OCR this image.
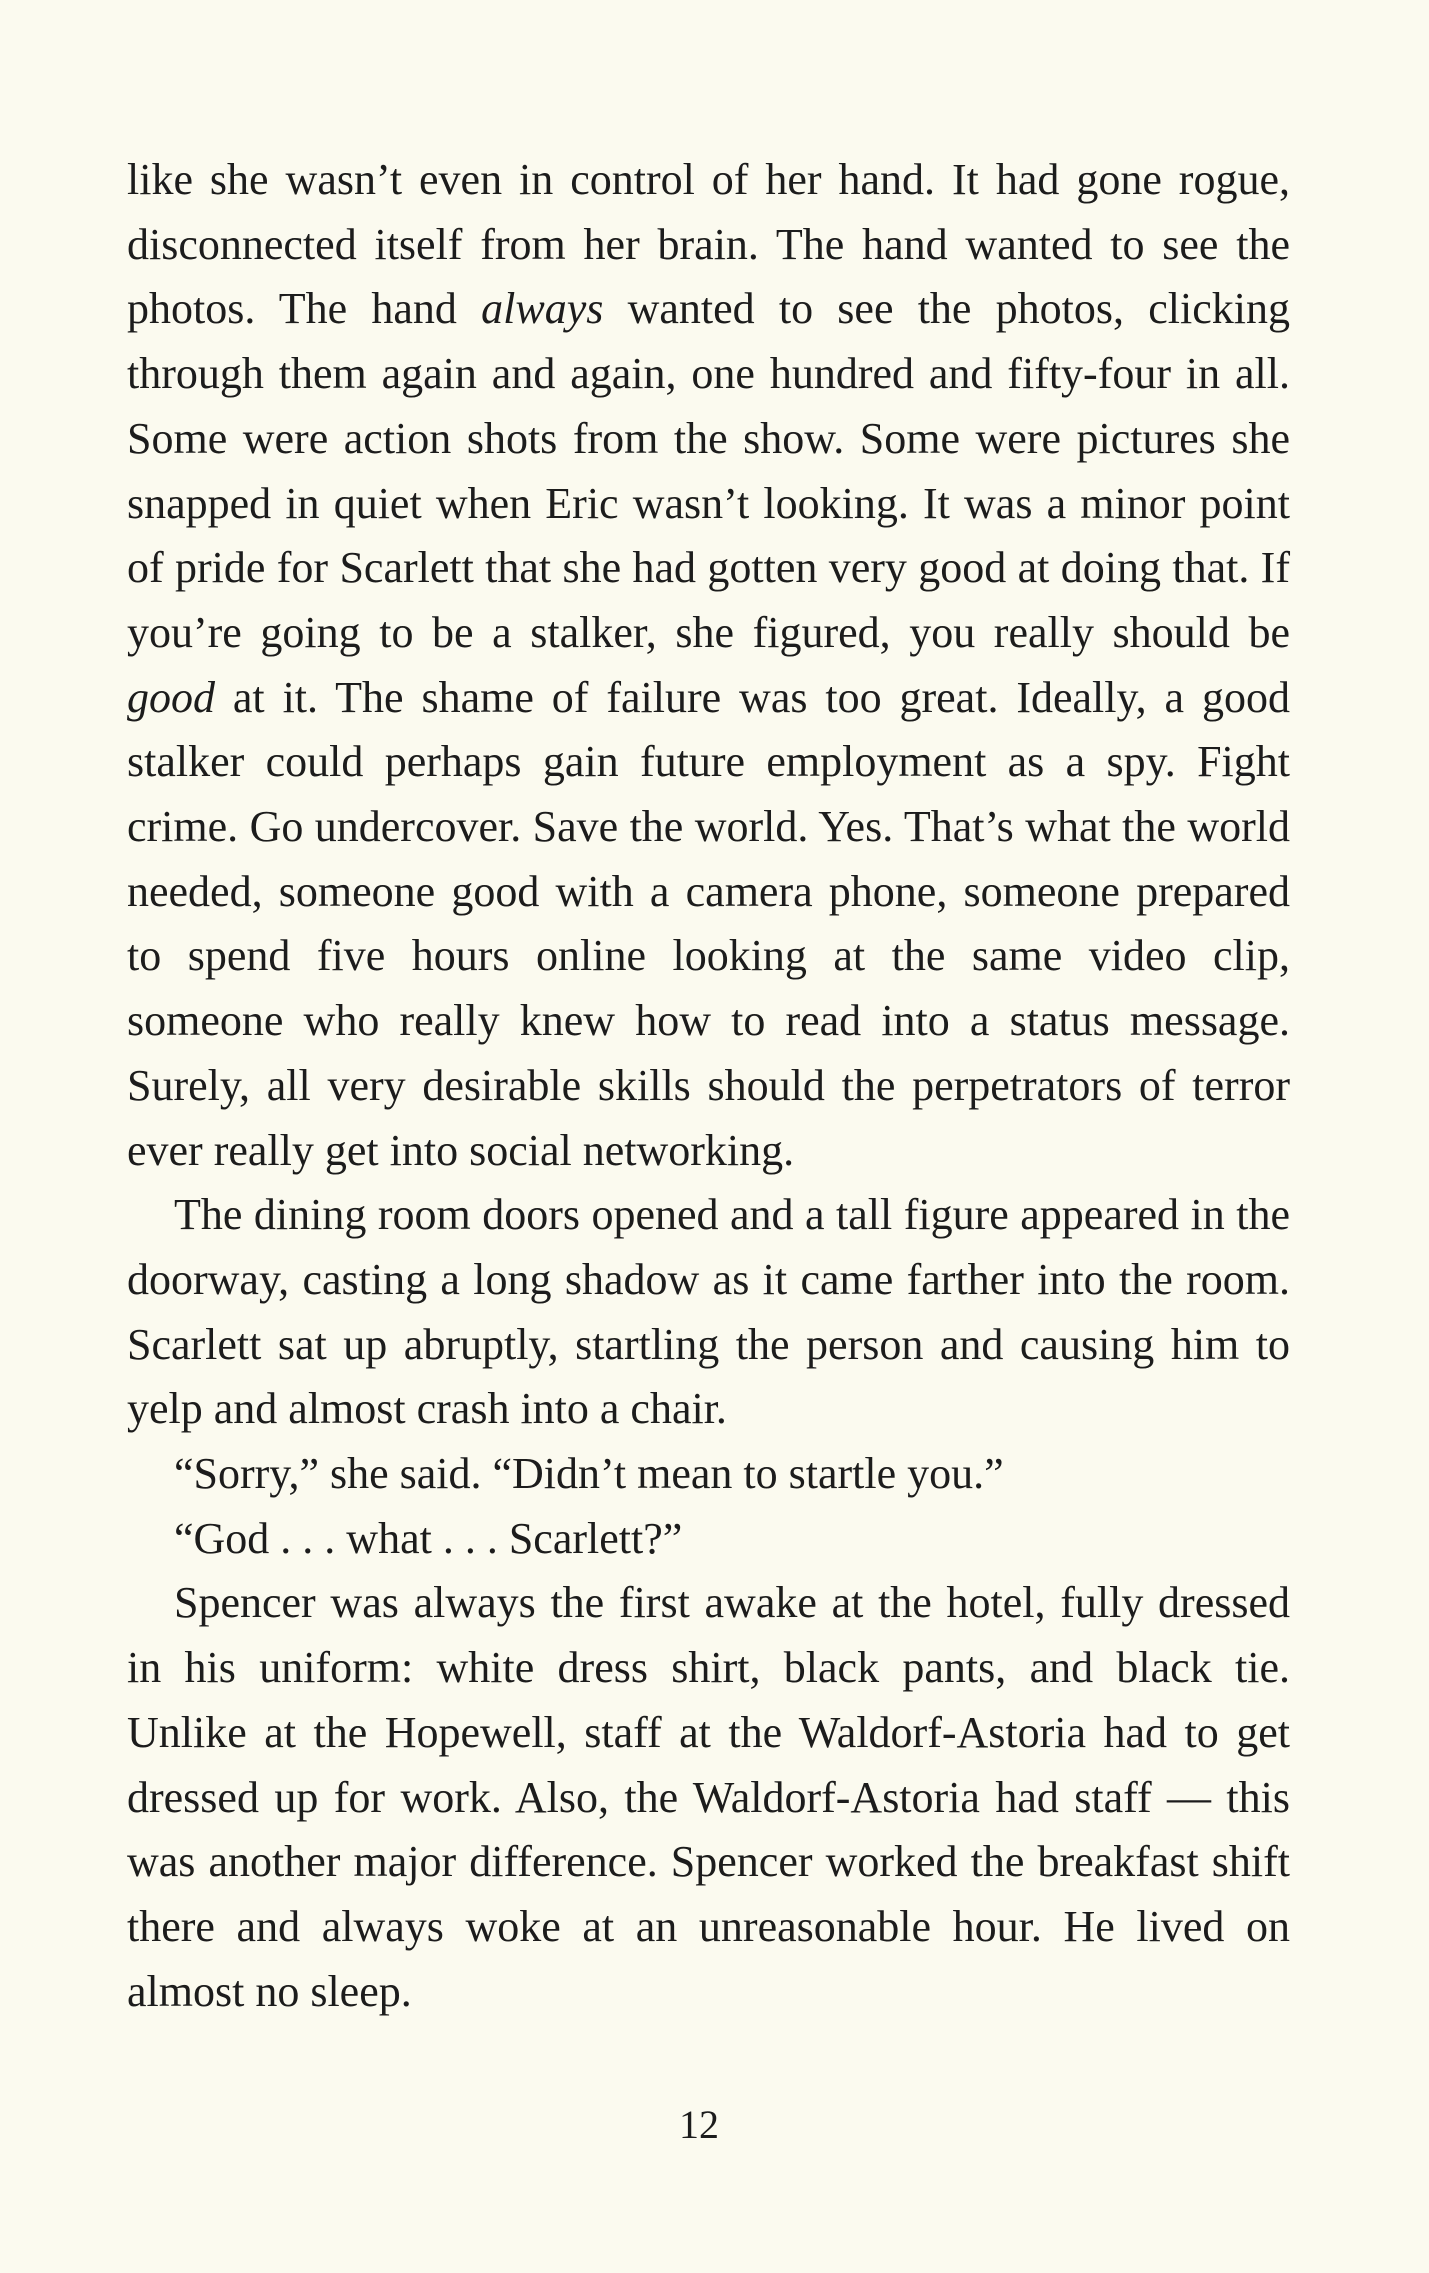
like she wasn’t even in control of her hand. It had gone rogue, disconnected itself from her brain. The hand wanted to see the photos. The hand always wanted to see the photos, clicking through them again and again, one hundred and fifty-four in all. Some were action shots from the show. Some were pictures she snapped in quiet when Eric wasn’t looking. It was a minor point of pride for Scarlett that she had gotten very good at doing that. If you’re going to be a stalker, she figured, you really should be good at it. The shame of failure was too great. Ideally, a good stalker could perhaps gain future employment as a spy. Fight crime. Go undercover. Save the world. Yes. That’s what the world needed, someone good with a camera phone, someone prepared to spend five hours online looking at the same video clip, someone who really knew how to read into a status message. Surely, all very desirable skills should the perpetrators of terror ever really get into social networking.

The dining room doors opened and a tall figure appeared in the doorway, casting a long shadow as it came farther into the room. Scarlett sat up abruptly, startling the person and causing him to yelp and almost crash into a chair.

“Sorry,” she said. “Didn’t mean to startle you.”

“God . . . what . . . Scarlett?”

Spencer was always the first awake at the hotel, fully dressed in his uniform: white dress shirt, black pants, and black tie. Unlike at the Hopewell, staff at the Waldorf-Astoria had to get dressed up for work. Also, the Waldorf-Astoria had staff — this was another major difference. Spencer worked the breakfast shift there and always woke at an unreasonable hour. He lived on almost no sleep.

12
